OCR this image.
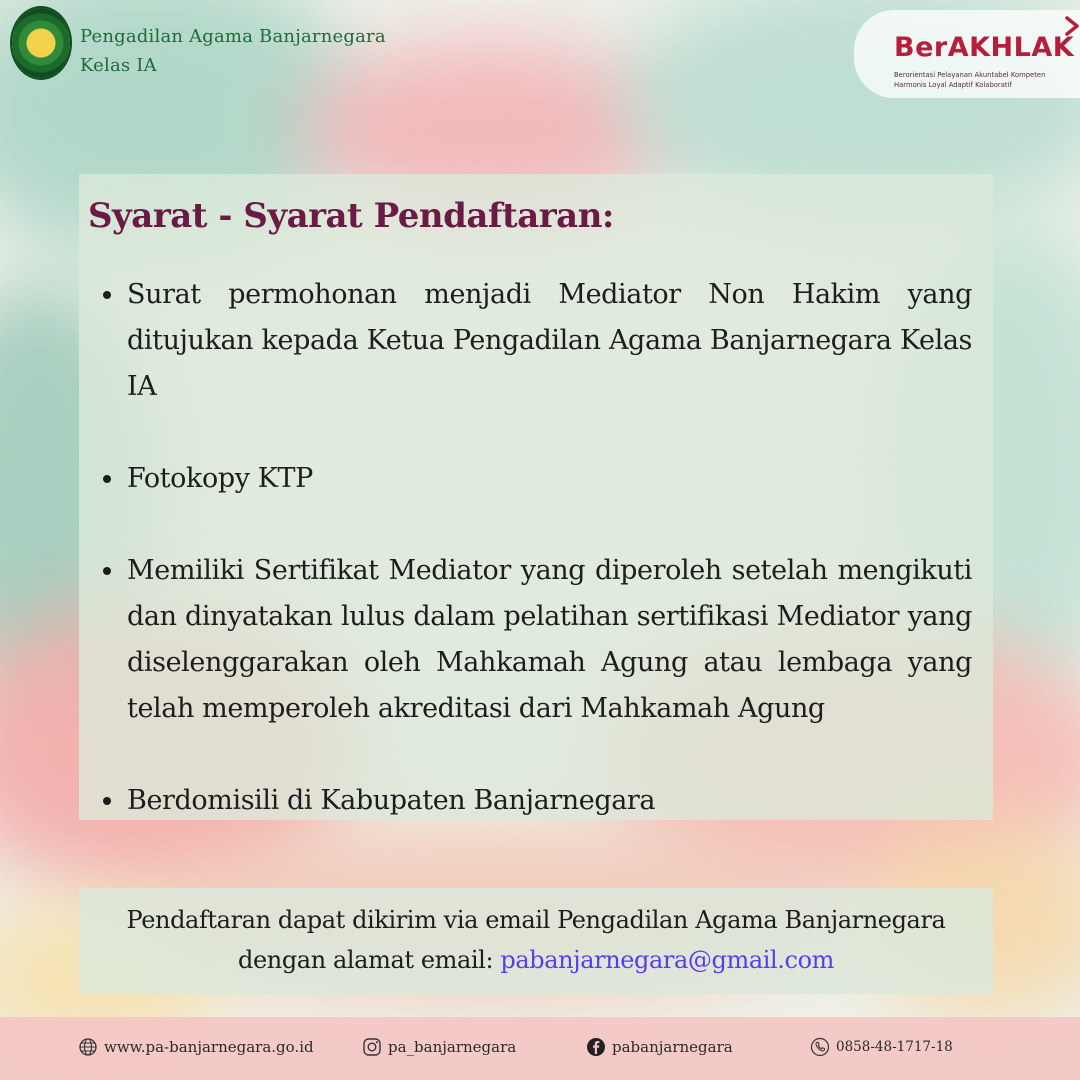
Pengadilan Agama Banjarnegara
Kelas IA
BerAKHLAK
Berorientasi Pelayanan Akuntabel Kompeten
Harmonis Loyal Adaptif Kolaboratif
Syarat - Syarat Pendaftaran:
Surat permohonan menjadi Mediator Non Hakim yang ditujukan kepada Ketua Pengadilan Agama Banjarnegara Kelas IA
Fotokopy KTP
Memiliki Sertifikat Mediator yang diperoleh setelah mengikuti dan dinyatakan lulus dalam pelatihan sertifikasi Mediator yang diselenggarakan oleh Mahkamah Agung atau lembaga yang telah memperoleh akreditasi dari Mahkamah Agung
Berdomisili di Kabupaten Banjarnegara
Pendaftaran dapat dikirim via email Pengadilan Agama Banjarnegara
dengan alamat email: pabanjarnegara@gmail.com
www.pa-banjarnegara.go.id	pa_banjarnegara	pabanjarnegara	0858-48-1717-18
